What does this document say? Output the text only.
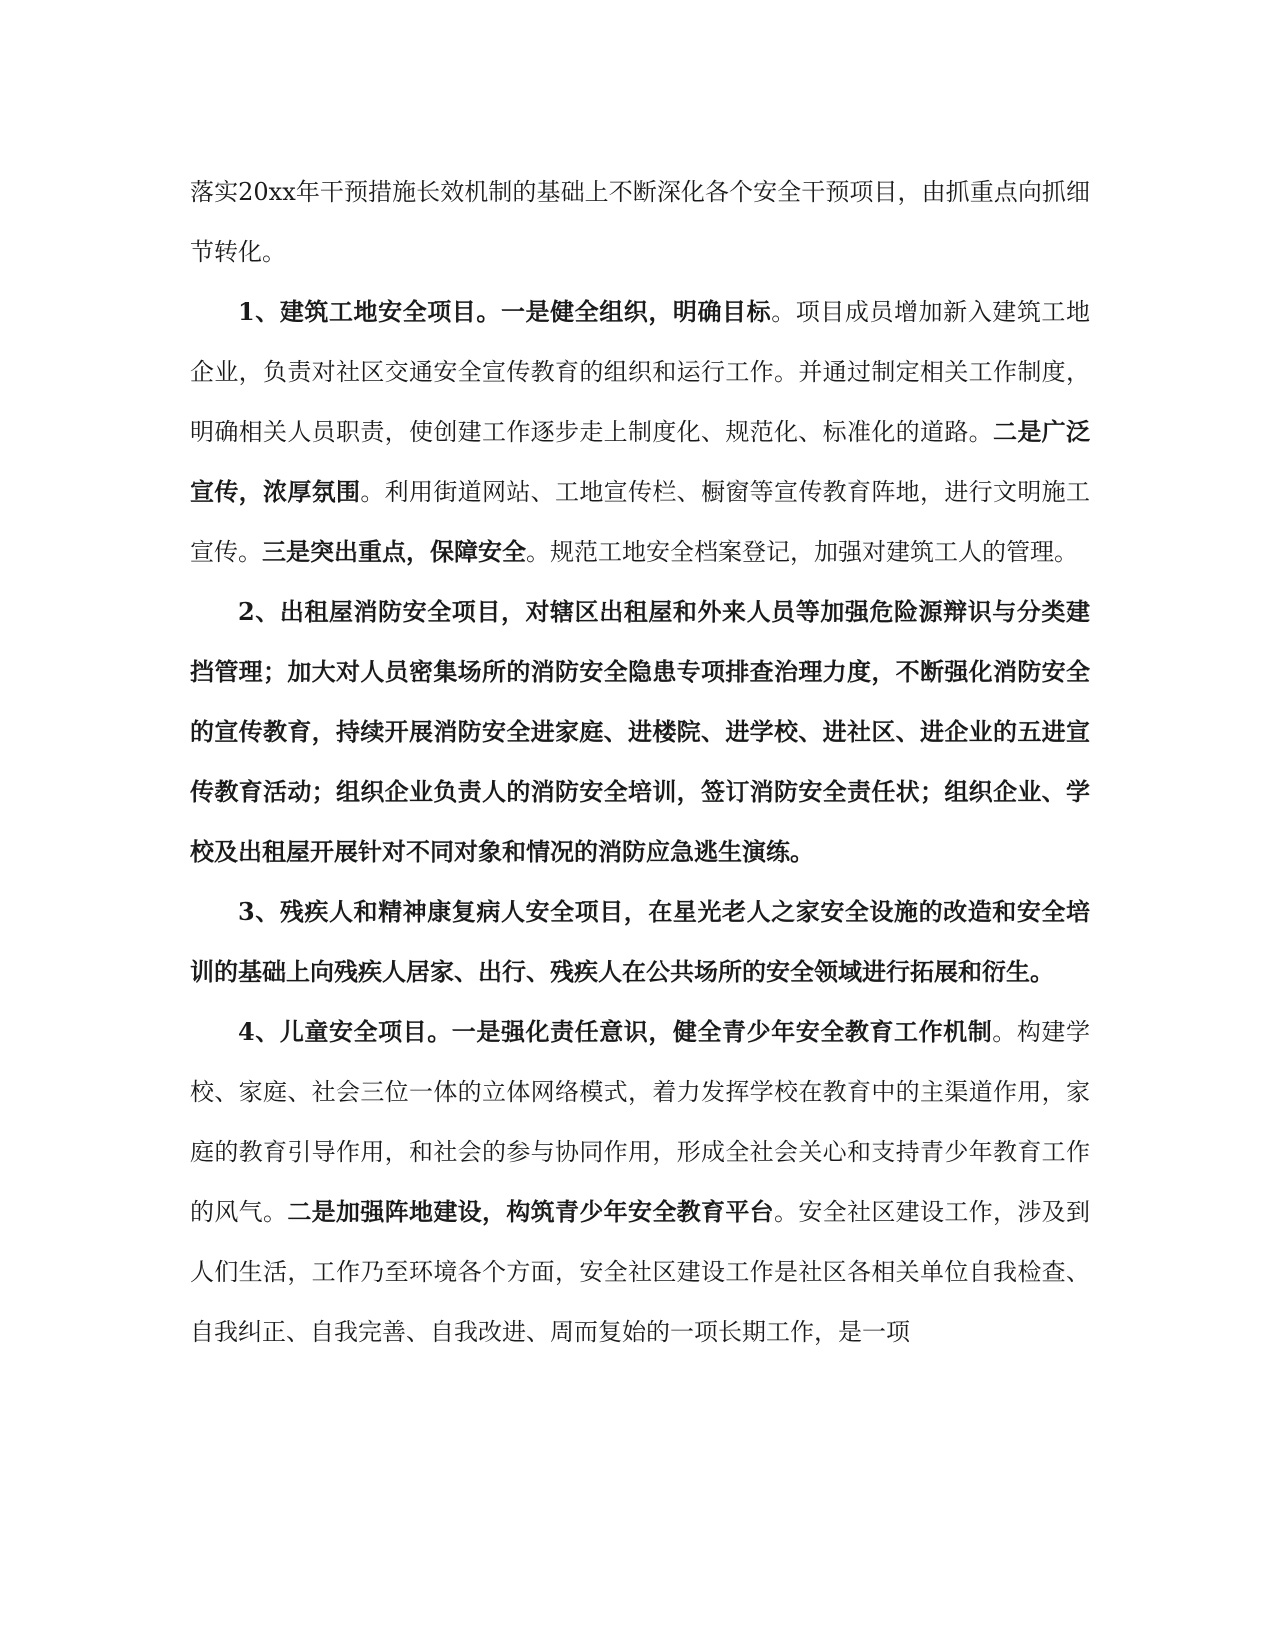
落实20xx年干预措施长效机制的基础上不断深化各个安全干预项目，由抓重点向抓细节转化。

1、建筑工地安全项目。一是健全组织，明确目标。项目成员增加新入建筑工地企业，负责对社区交通安全宣传教育的组织和运行工作。并通过制定相关工作制度，明确相关人员职责，使创建工作逐步走上制度化、规范化、标准化的道路。二是广泛宣传，浓厚氛围。利用街道网站、工地宣传栏、橱窗等宣传教育阵地，进行文明施工宣传。三是突出重点，保障安全。规范工地安全档案登记，加强对建筑工人的管理。

2、出租屋消防安全项目，对辖区出租屋和外来人员等加强危险源辩识与分类建挡管理；加大对人员密集场所的消防安全隐患专项排查治理力度，不断强化消防安全的宣传教育，持续开展消防安全进家庭、进楼院、进学校、进社区、进企业的五进宣传教育活动；组织企业负责人的消防安全培训，签订消防安全责任状；组织企业、学校及出租屋开展针对不同对象和情况的消防应急逃生演练。

3、残疾人和精神康复病人安全项目，在星光老人之家安全设施的改造和安全培训的基础上向残疾人居家、出行、残疾人在公共场所的安全领域进行拓展和衍生。

4、儿童安全项目。一是强化责任意识，健全青少年安全教育工作机制。构建学校、家庭、社会三位一体的立体网络模式，着力发挥学校在教育中的主渠道作用，家庭的教育引导作用，和社会的参与协同作用，形成全社会关心和支持青少年教育工作的风气。二是加强阵地建设，构筑青少年安全教育平台。安全社区建设工作，涉及到人们生活，工作乃至环境各个方面，安全社区建设工作是社区各相关单位自我检查、自我纠正、自我完善、自我改进、周而复始的一项长期工作，是一项
